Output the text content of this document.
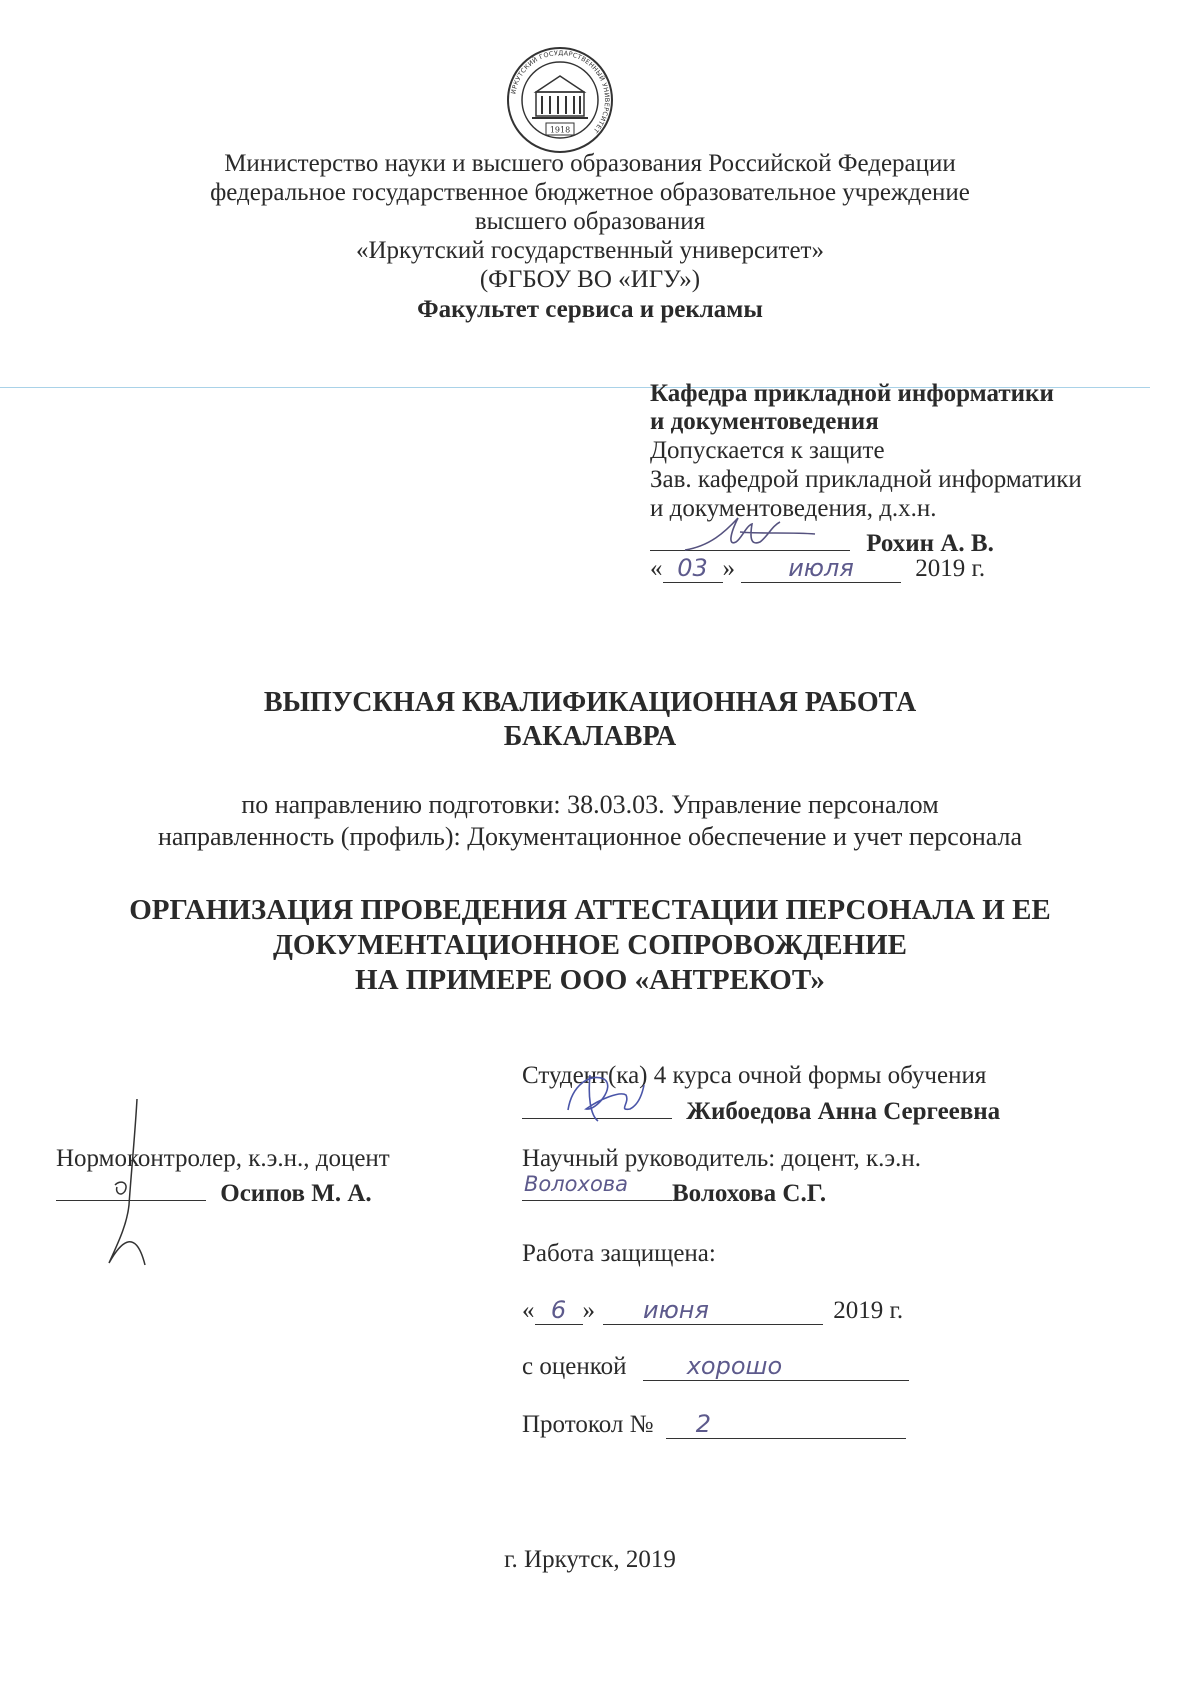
ИРКУТСКИЙ ГОСУДАРСТВЕННЫЙ УНИВЕРСИТЕТ
1918
Министерство науки и высшего образования Российской Федерации
федеральное государственное бюджетное образовательное учреждение
высшего образования
«Иркутский государственный университет»
(ФГБОУ ВО «ИГУ»)
Факультет сервиса и рекламы
Кафедра прикладной информатики
и документоведения
Допускается к защите
Зав. кафедрой прикладной информатики
и документоведения, д.х.н.
Рохин А. В.
« 03 » июля 2019 г.
ВЫПУСКНАЯ КВАЛИФИКАЦИОННАЯ РАБОТА
БАКАЛАВРА
по направлению подготовки: 38.03.03. Управление персоналом
направленность (профиль): Документационное обеспечение и учет персонала
ОРГАНИЗАЦИЯ ПРОВЕДЕНИЯ АТТЕСТАЦИИ ПЕРСОНАЛА И ЕЕ
ДОКУМЕНТАЦИОННОЕ СОПРОВОЖДЕНИЕ
НА ПРИМЕРЕ ООО «АНТРЕКОТ»
Студент(ка) 4 курса очной формы обучения
Жибоедова Анна Сергеевна
Нормоконтролер, к.э.н., доцент
Осипов М. А.
Научный руководитель: доцент, к.э.н.
Волохова Волохова С.Г.
Работа защищена:
« 6 » июня	2019 г.
с оценкой	хорошо
Протокол № 2
г. Иркутск, 2019
